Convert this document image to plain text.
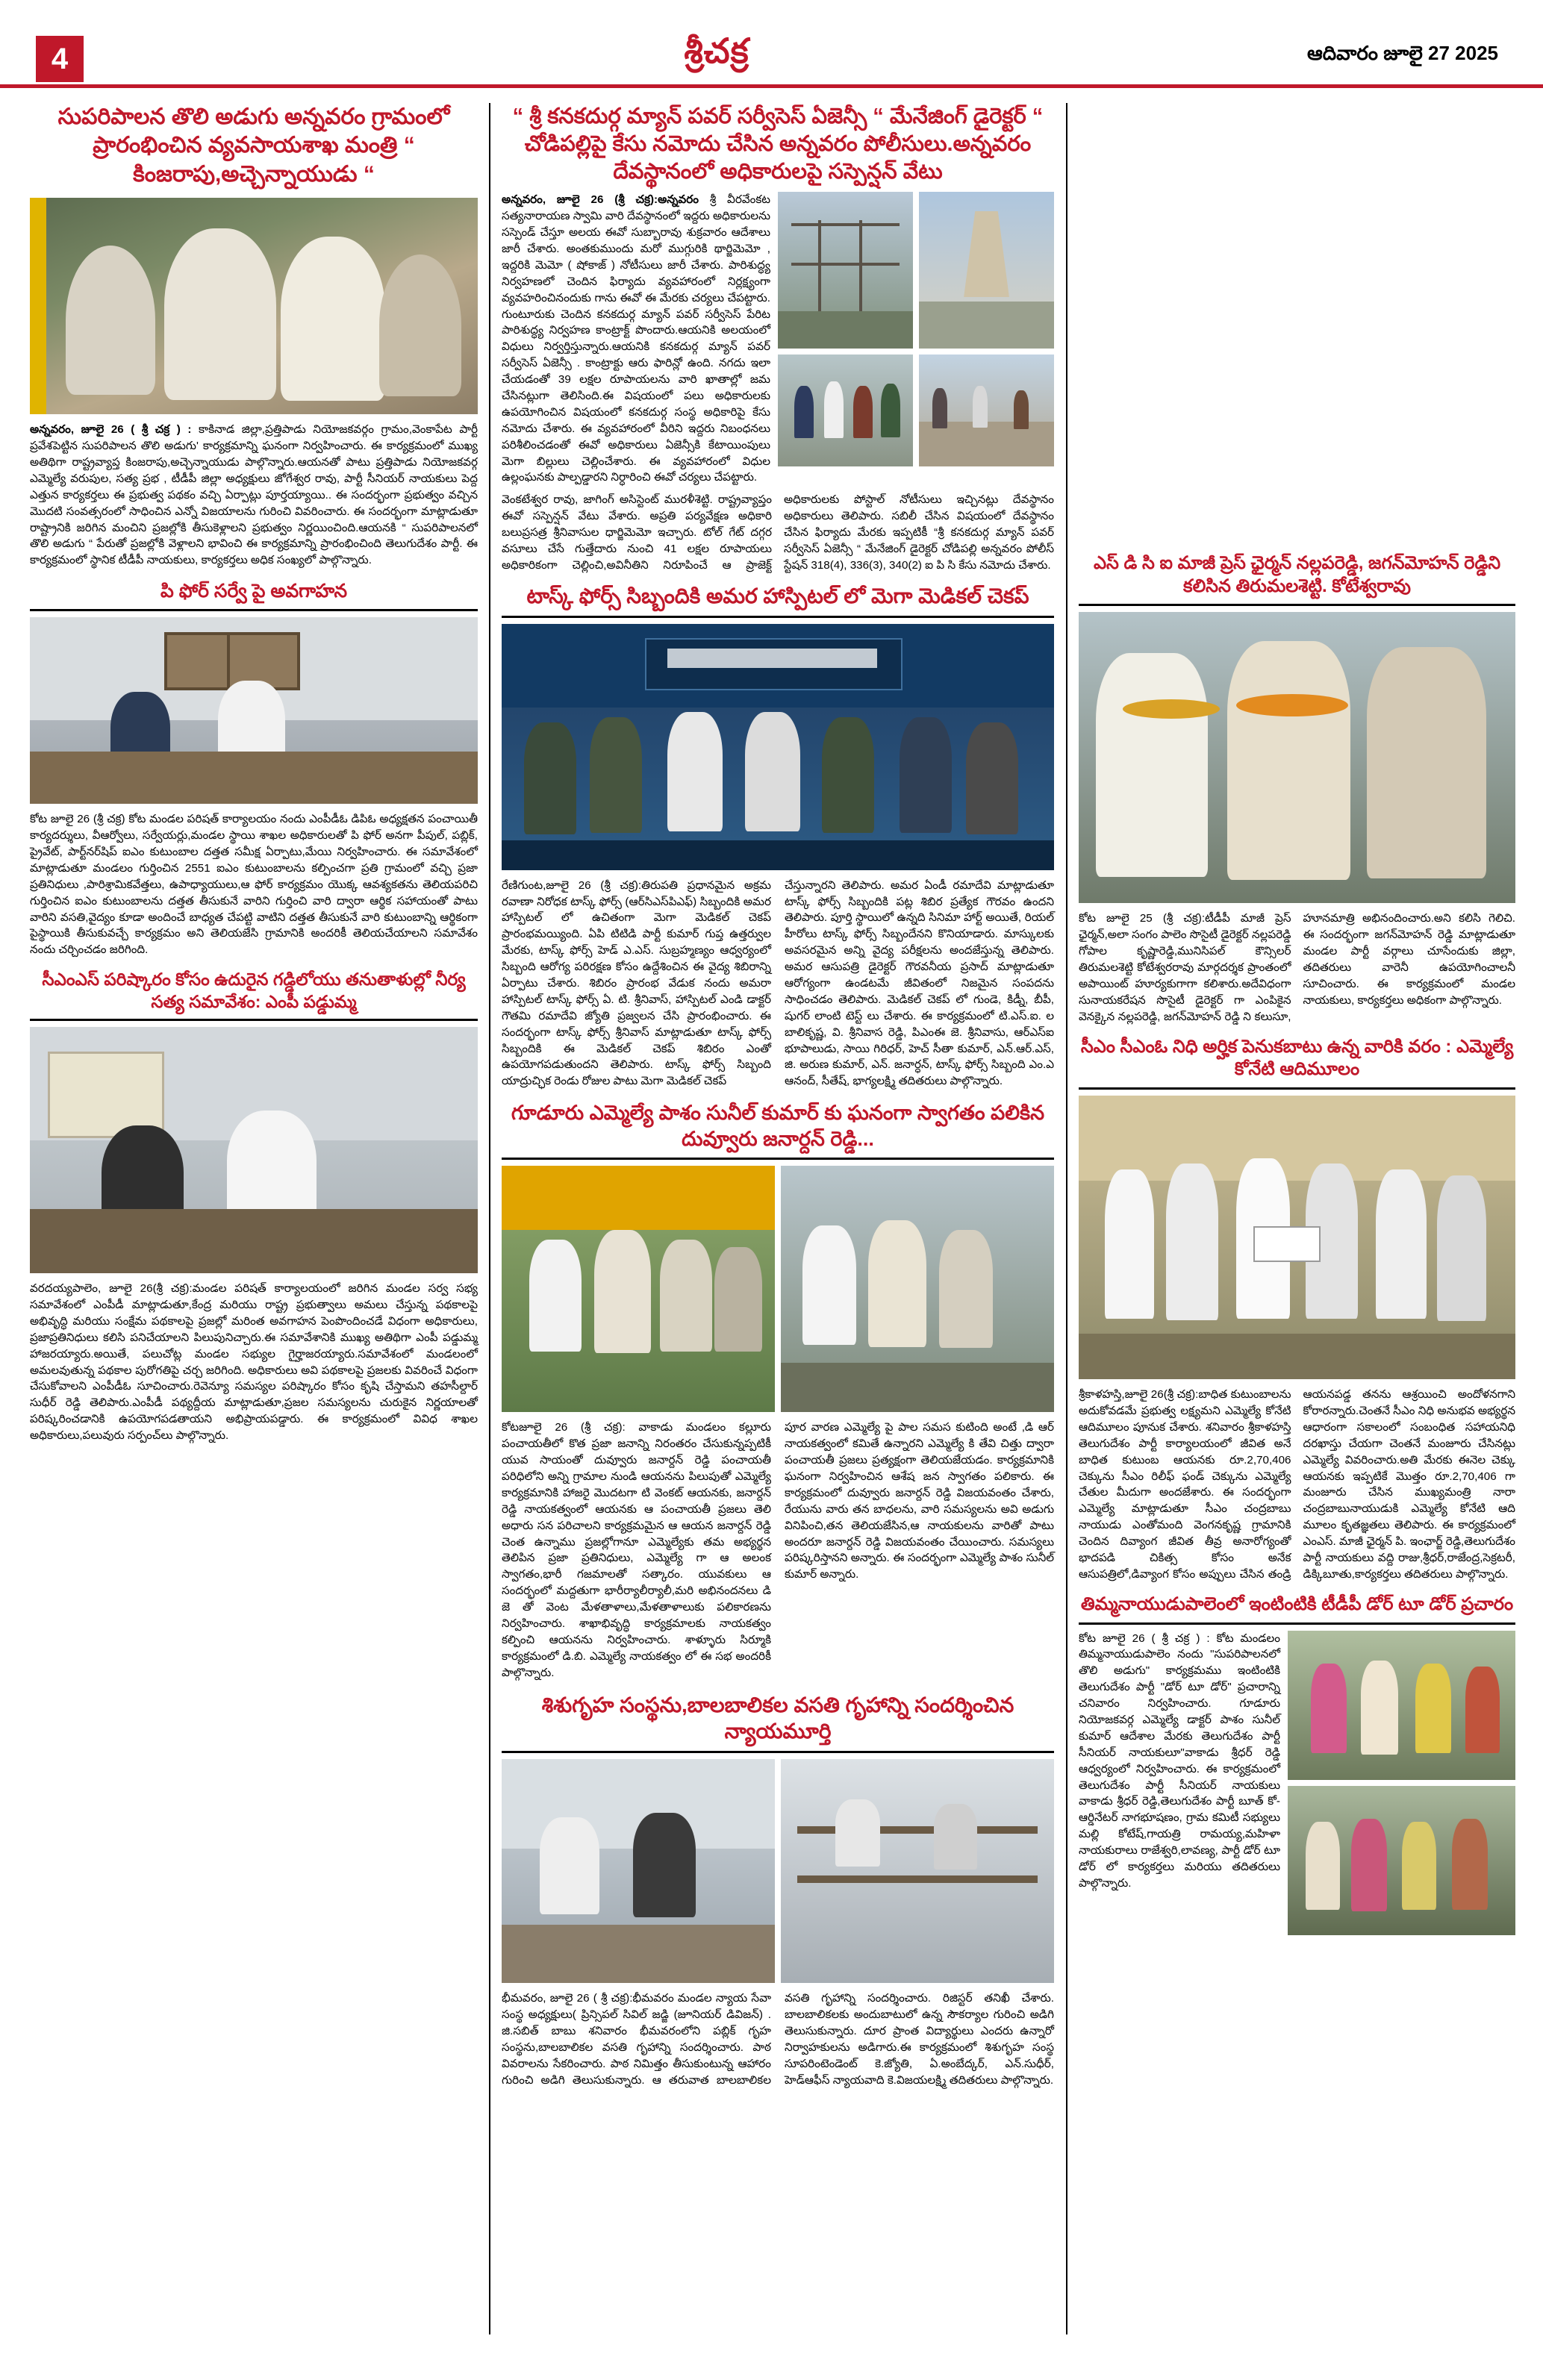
4	శ్రీచక్ర	ఆదివారం జూలై 27 2025
సుపరిపాలన తొలి అడుగు అన్నవరం గ్రామంలో ప్రారంభించిన వ్యవసాయశాఖ మంత్రి “ కింజరాపు,అచ్చెన్నాయుడు “
అన్నవరం, జూలై 26 ( శ్రీ చక్ర ) : కాకినాడ జిల్లా,ప్రత్తిపాడు నియోజకవర్గం గ్రామం,వెంకాపేట పార్టీ ప్రవేశపెట్టిన సుపరిపాలన తొలి అడుగు' కార్యక్రమాన్ని ఘనంగా నిర్వహించారు. ఈ కార్యక్రమంలో ముఖ్య అతిథిగా రాష్ట్రవ్యాప్త కింజరాపు,అచ్చెన్నాయుడు పాల్గొన్నారు.ఆయనతో పాటు ప్రత్తిపాడు నియోజకవర్గ ఎమ్మెల్యే వరుపుల, సత్య ప్రభ , టీడీపీ జిల్లా అధ్యక్షులు జోగేశ్వర రావు, పార్టీ సీనియర్ నాయకులు పెద్ద ఎత్తున కార్యకర్తలు ఈ ప్రభుత్వ పథకం వచ్చి ఏర్పాట్లు పూర్తయ్యాయి.. ఈ సందర్భంగా ప్రభుత్వం వచ్చిన మొదటి సంవత్సరంలో సాధించిన ఎన్నో విజయాలను గురించి వివరించారు. ఈ సందర్భంగా మాట్లాడుతూ రాష్ట్రానికి జరిగిన మంచిని ప్రజల్లోకి తీసుకెళ్లాలని ప్రభుత్వం నిర్ణయించింది.ఆయనకి “ సుపరిపాలనలో తొలి అడుగు “ పేరుతో ప్రజల్లోకి వెళ్లాలని భావించి ఈ కార్యక్రమాన్ని ప్రారంభించింది తెలుగుదేశం పార్టీ. ఈ కార్యక్రమంలో స్థానిక టీడీపీ నాయకులు, కార్యకర్తలు అధిక సంఖ్యలో పాల్గొన్నారు.
పి ఫోర్ సర్వే పై అవగాహన
కోట జూలై 26 (శ్రీ చక్ర) కోట మండల పరిషత్ కార్యాలయం నందు ఎంపీడీఓ డిపిఓ అధ్యక్షతన పంచాయితీ కార్యదర్శులు, వీఆర్వోలు, సర్వేయర్లు,మండల స్థాయి శాఖల అధికారులతో పి ఫోర్ అనగా పీపుల్, పబ్లిక్, ప్రైవేట్, పార్ట్‌నర్‌షిప్ ఐఎం కుటుంబాల దత్తత సమీక్ష ఏర్పాటు,మేయి నిర్వహించారు. ఈ సమావేశంలో మాట్లాడుతూ మండలం గుర్తించిన 2551 ఐఎం కుటుంబాలను కల్పించగా ప్రతి గ్రామంలో వచ్చి ప్రజా ప్రతినిధులు ,పారిశ్రామికవేత్తలు, ఉపాధ్యాయులు,ఆ ఫోర్ కార్యక్రమం యొక్క ఆవశ్యకతను తెలియపరిచి గుర్తించిన ఐఎం కుటుంబాలను దత్తత తీసుకునే వారిని గుర్తించి వారి ద్వారా ఆర్థిక సహాయంతో పాటు వారిని వసతి,వైద్యం కూడా అందించే బాధ్యత చేపట్టి వాటిని దత్తత తీసుకునే వారి కుటుంబాన్ని ఆర్థికంగా పైస్థాయికి తీసుకువచ్చే కార్యక్రమం అని తెలియజేసి గ్రామానికి అందరికీ తెలియచేయాలని సమావేశం నందు చర్చించడం జరిగింది.
సీఎంఎస్ పరిష్కారం కోసం ఉదురైన గడ్డిలోయు తనుతాళుల్లో నీర్య సత్య సమావేశం: ఎంపీ పడ్డుమ్మ
వరదయ్యపాలెం, జూలై 26(శ్రీ చక్ర):మండల పరిషత్ కార్యాలయంలో జరిగిన మండల సర్వ సభ్య సమావేశంలో ఎంపీడీ మాట్లాడుతూ,కేంద్ర మరియు రాష్ట్ర ప్రభుత్వాలు అమలు చేస్తున్న పథకాలపై అభివృద్ధి మరియు సంక్షేమ పథకాలపై ప్రజల్లో మరింత అవగాహన పెంపొందించడే విధంగా అధికారులు, ప్రజాప్రతినిధులు కలిసి పనిచేయాలని పిలుపునిచ్చారు.ఈ సమావేశానికి ముఖ్య అతిథిగా ఎంపీ పడ్డుమ్మ హాజరయ్యారు.అయితే, పలుచోట్ల మండల సభ్యుల గైర్హాజరయ్యారు.సమావేశంలో మండలంలో అమలవుతున్న పథకాల పురోగతిపై చర్చ జరిగింది. అధికారులు అవి పథకాలపై ప్రజలకు వివరించే విధంగా చేసుకోవాలని ఎంపీడీఓ సూచించారు.రెవెన్యూ సమస్యల పరిష్కారం కోసం కృషి చేస్తామని తహసీల్దార్ సుధీర్ రెడ్డి తెలిపారు.ఎంపీడీ పథ్యద్దీయ మాట్లాడుతూ,ప్రజల సమస్యలను చురుకైన నిర్ణయాలతో పరిష్కరించడానికి ఉపయోగపడతాయని అభిప్రాయపడ్డారు. ఈ కార్యక్రమంలో వివిధ శాఖల అధికారులు,పలువురు సర్పంచ్‌లు పాల్గొన్నారు.
“ శ్రీ కనకదుర్గ మ్యాన్ పవర్ సర్వీసెస్ ఏజెన్సీ “ మేనేజింగ్ డైరెక్టర్ “ చోడిపల్లిపై కేసు నమోదు చేసిన అన్నవరం పోలీసులు.అన్నవరం దేవస్థానంలో అధికారులపై సస్పెన్షన్ వేటు
అన్నవరం, జూలై 26 (శ్రీ చక్ర):అన్నవరం శ్రీ వీరవేంకట సత్యనారాయణ స్వామి వారి దేవస్థానంలో ఇద్దరు అధికారులను సస్పెండ్ చేస్తూ అలయ ఈవో సుబ్బారావు శుక్రవారం ఆదేశాలు జారీ చేశారు. అంతకుముందు మరో ముగ్గురికి థార్జిమెమో , ఇద్దరికి మెమో ( షోకాజ్ ) నోటీసులు జారీ చేశారు. పారిశుద్ధ్య నిర్వహణలో చెందిన ఫిర్యాదు వ్యవహారంలో నిర్లక్ష్యంగా వ్యవహరించినందుకు గాను ఈవో ఈ మేరకు చర్యలు చేపట్టారు. గుంటూరుకు చెందిన కనకదుర్గ మ్యాన్ పవర్ సర్వీసెస్ పేరిట పారిశుద్ధ్య నిర్వహణ కాంట్రాక్ట్ పొందారు.ఆయనికి అలయంలో విధులు నిర్వర్తిస్తున్నారు.ఆయనికి కనకదుర్గ మ్యాన్ పవర్ సర్వీసెస్ ఏజెన్సీ . కాంట్రాక్టు ఆరు ఫారిన్లో ఉంది. నగదు ఇలా చేయడంతో 39 లక్షల రూపాయలను వారి ఖాతాల్లో జమ చేసినట్లుగా తెలిసింది.ఈ విషయంలో పలు అధికారులకు ఉపయోగించిన విషయంలో కనకదుర్గ సంస్థ అధికారిపై కేసు నమోదు చేశారు. ఈ వ్యవహారంలో వీరిని ఇద్దరు నిబంధనలు పరిశీలించడంతో ఈవో అధికారులు ఏజెన్సీకి కేటాయింపులు మెగా బిల్లులు చెల్లించేశారు. ఈ వ్యవహారంలో విధుల ఉల్లంఘనకు పాల్పడ్డారని నిర్ధారించి ఈవో చర్యలు చేపట్టారు.
వెంకటేశ్వర రావు, జాగింగ్ అసిస్టెంట్ మురళీశెట్టి. రాష్ట్రవ్యాప్తం ఈవో సస్పెన్షన్ వేటు వేశారు. అప్రతి పర్యవేక్షణ అధికారి బలుప్రసత్ర శ్రీనివాసుల ధార్జిమెమో ఇచ్చారు. టోల్ గేట్ దగ్గర వసూలు చేసే గుత్తేదారు నుంచి 41 లక్షల రూపాయలు అధికారికంగా చెల్లించి,అవినీతిని నిరూపించే ఆ ప్రాజెక్ట్ అధికారులకు పోస్టాల్ నోటీసులు ఇచ్చినట్లు దేవస్థానం అధికారులు తెలిపారు. సబిలీ చేసిన విషయంలో దేవస్థానం చేసిన ఫిర్యాదు మేరకు ఇప్పటికీ “శ్రీ కనకదుర్గ మ్యాన్ పవర్ సర్వీసెస్ ఏజెన్సీ “ మేనేజింగ్ డైరెక్టర్ చోడిపల్లి అన్నవరం పోలీస్ స్టేషన్ 318(4), 336(3), 340(2) ఐ పి సి కేసు నమోదు చేశారు.
టాస్క్ ఫోర్స్ సిబ్బందికి అమర హాస్పిటల్ లో మెగా మెడికల్ చెకప్
రేణిగుంట,జూలై 26 (శ్రీ చక్ర):తిరుపతి ప్రధానమైన అక్రమ రవాణా నిరోధక టాస్క్ ఫోర్స్ (ఆర్‌సిఎస్‌పిఎఫ్) సిబ్బందికి అమర హాస్పిటల్ లో ఉచితంగా మెగా మెడికల్ చెకప్ ప్రారంభమయ్యింది. ఏపి టిటిడి పార్టీ కుమార్ గుప్త ఉత్తర్వుల మేరకు, టాస్క్ ఫోర్స్ హెడ్ ఎ.ఎస్. సుబ్రహ్మణ్యం ఆధ్వర్యంలో సిబ్బంది ఆరోగ్య పరిరక్షణ కోసం ఉద్దేశించిన ఈ వైద్య శిబిరాన్ని ఏర్పాటు చేశారు. శిబిరం ప్రారంభ వేడుక నందు అమరా హాస్పిటల్ టాస్క్ ఫోర్స్ ఏ. టి. శ్రీనివాస్, హాస్పిటల్ ఎండి డాక్టర్ గౌతమి రమాదేవి జ్యోతి ప్రజ్వలన చేసి ప్రారంభించారు. ఈ సందర్భంగా టాస్క్ ఫోర్స్ శ్రీనివాస్ మాట్లాడుతూ టాస్క్ ఫోర్స్ సిబ్బందికి ఈ మెడికల్ చెకప్ శిబిరం ఎంతో ఉపయోగపడుతుందని తెలిపారు. టాస్క్ ఫోర్స్ సిబ్బంది యాద్రుచ్ఛిక రెండు రోజుల పాటు మెగా మెడికల్ చెకప్
చేస్తున్నారని తెలిపారు. అమర ఏండీ రమాదేవి మాట్లాడుతూ టాస్క్ ఫోర్స్ సిబ్బందికి పట్ల శిబిర ప్రత్యేక గౌరవం ఉందని తెలిపారు. పూర్తి స్థాయిలో ఉన్నది సినిమా హార్ట్ అయితే, రియల్ హీరోలు టాస్క్ ఫోర్స్ సిబ్బందేనని కొనియాడారు. మాస్కులకు అవసరమైన అన్ని వైద్య పరీక్షలను అందజేస్తున్న తెలిపారు. అమర ఆసుపత్రి డైరెక్టర్ గౌరవనీయ ప్రసాద్ మాట్లాడుతూ ఆరోగ్యంగా ఉండటమే జీవితంలో నిజమైన సంపదను సాధించడం తెలిపారు. మెడికల్ చెకప్ లో గుండె, కిడ్నీ, బీపీ, షుగర్ లాంటి టెస్ట్ లు చేశారు. ఈ కార్యక్రమంలో టి.ఎస్.ఐ. ల బాలికృష్ణ, వి. శ్రీనివాస రెడ్డి, పిఎంఈ జె. శ్రీనివాసు, ఆర్ఎస్ఐ భూపాలుడు, సాయి గిరిధర్, హెచ్ సీతా కుమార్, ఎన్.ఆర్.ఎస్, జి. అరుణ కుమార్, ఎన్. జనార్ధన్, టాస్క్ ఫోర్స్ సిబ్బంది ఎం.ఎ ఆనంద్, సీతేష్, భాగ్యలక్ష్మి తదితరులు పాల్గొన్నారు.
గూడూరు ఎమ్మెల్యే పాశం సునీల్ కుమార్ కు ఘనంగా స్వాగతం పలికిన దువ్వూరు జనార్దన్ రెడ్డి...
కోటజూలై 26 (శ్రీ చక్ర): వాకాడు మండలం కల్లూరు పంచాయతీలో కొత ప్రజా జనాన్ని నిరంతరం చేసుకున్నప్పటికీ యువ సాయంతో దువ్వూరు జనార్దన్ రెడ్డి పంచాయతీ పరిధిలోని అన్ని గ్రామాల నుండి ఆయనను పిలుపుతో ఎమ్మెల్యే కార్యక్రమానికి హాజరై మొదటగా టి వెంకట్ ఆయనకు, జనార్దన్ రెడ్డి నాయకత్వంలో ఆయనకు ఆ పంచాయతీ ప్రజలు తెలి అధారు సన పరిచాలని కార్యక్రమమైన ఆ ఆయన జనార్దన్ రెడ్డి చెంత ఉన్నాము ప్రజల్లోగానూ ఎమ్మెల్యేకు తమ అభ్యర్థన తెలిపిన ప్రజా ప్రతినిధులు, ఎమ్మెల్యే గా ఆ అలంక స్వాగతం,భారీ గజమాలతో సత్కారం. యువకులు ఆ సందర్భంలో మద్దతుగా భారీర్యాలీర్యాలీ,మరి అభినందనలు డి జె తో వెంట మేళతాళాలు,మేళతాళాలుకు పలికారణను నిర్వహించారు. శాఖాభివృద్ధి కార్యక్రమాలకు నాయకత్వం కల్పించి ఆయనను నిర్వహించారు. శాళ్ళూరు సిర్మూకి కార్యక్రమంలో డి.బి. ఎమ్మెల్యే నాయకత్వం లో ఈ సభ అందరికీ పాల్గొన్నారు.
పూర వారణ ఎమ్మెల్యే పై పాల సమస కుటింది అంటే ,డి ఆర్ నాయకత్వంలో కమితే ఉన్నారని ఎమ్మెల్యే కి తేవి చిత్తు ద్వారా పంచాయతీ ప్రజలు ప్రత్యక్షంగా తెలియజేయడం. కార్యక్రమానికి ఘనంగా నిర్వహించిన ఆశేష జన స్వాగతం పలికారు. ఈ కార్యక్రమంలో దువ్వూరు జనార్దన్ రెడ్డి విజయవంతం చేశారు, రేయును వారు తన బాధలను, వారి సమస్యలను అవి అడుగు వినిపించి,తన తెలియజేసిన,ఆ నాయకులను వారితో పాటు అందరూ జనార్దన్ రెడ్డి విజయవంతం చేయించారు. సమస్యలు పరిష్కరిస్తానని అన్నారు. ఈ సందర్భంగా ఎమ్మెల్యే పాశం సునీల్ కుమార్ అన్నారు.
శిశుగృహ సంస్థను,బాలబాలికల వసతి గృహాన్ని సందర్శించిన న్యాయమూర్తి
భీమవరం, జూలై 26 ( శ్రీ చక్ర):భీమవరం మండల న్యాయ సేవా సంస్థ అధ్యక్షులు( ప్రిన్సిపల్ సివిల్ జడ్జి (జూనియర్ డివిజన్) . జి.సబిత్ బాబు శనివారం భీమవరంలోని పబ్లిక్ గృహ సంస్థను,బాలబాలికల వసతి గృహాన్ని సందర్శించారు. పాఠ వివరాలను సేకరించారు. పాఠ నిమిత్తం తీసుకుంటున్న ఆహారం గురించి అడిగి తెలుసుకున్నారు. ఆ తరువాత బాలబాలికల వసతి గృహాన్ని సందర్శించారు. రిజిస్టర్ తనిఖీ చేశారు. బాలబాలికలకు అందుబాటులో ఉన్న సౌకర్యాల గురించి అడిగి తెలుసుకున్నారు. దూర ప్రాంత విద్యార్థులు ఎందరు ఉన్నారో నిర్వాహకులను అడిగారు.ఈ కార్యక్రమంలో శిశుగృహ సంస్థ సూపరింటెండెంట్ కె.జ్యోతి, ఏ.అంబేద్కర్, ఎన్.సుధీర్, హెడ్‌ఆఫీస్ న్యాయవాది కె.విజయలక్ష్మి తదితరులు పాల్గొన్నారు.
ఎస్ డి సి ఐ మాజీ ప్రెస్ ఛైర్మన్ నల్లపరెడ్డి, జగన్‌మోహన్ రెడ్డిని కలిసిన తిరుమలశెట్టి. కోటేశ్వరావు
కోట జూలై 25 (శ్రీ చక్ర):టీడీపీ మాజీ ప్రెస్ ఛైర్మన్,అలా సంగం పాలెం సొసైటీ డైరెక్టర్ నల్లపరెడ్డి గోపాల కృష్ణారెడ్డి,మునిసిపల్ కౌన్సిలర్ తిరుమలశెట్టి కోటేశ్వరరావు మార్గదర్శక ప్రాంతంలో అపాయింట్ హూర్యకుగాగా కలిశారు.అదేవిధంగా సునాయకరేషన సొసైటీ డైరెక్టర్ గా ఎంపికైన వెనక్కైన నల్లపరెడ్డి, జగన్‌మోహన్ రెడ్డి ని కలుసూ, హూనమాత్రి అభినందించారు.అని కలిసి గెలిచి. ఈ సందర్భంగా జగన్‌మోహన్ రెడ్డి మాట్లాడుతూ మండల పార్టీ వర్గాలు చూసేందుకు జిల్లా, తదితరులు వారెనీ ఉపయోగించాలనీ సూచించారు. ఈ కార్యక్రమంలో మండల నాయకులు, కార్యకర్తలు అధికంగా పాల్గొన్నారు.
సీఎం సీఎంఓ నిధి అర్హిక పెనుకబాటు ఉన్న వారికి వరం : ఎమ్మెల్యే కోనేటి ఆదిమూలం
శ్రీకాళహస్తి,జూలై 26(శ్రీ చక్ర):బాధిత కుటుంబాలను అదుకోవడమే ప్రభుత్వ లక్ష్యమని ఎమ్మెల్యే కోనేటి ఆదిమూలం పూనుక చేశారు. శనివారం శ్రీకాళహస్తి తెలుగుదేశం పార్టీ కార్యాలయంలో జీవిత అనే బాధిత కుటుంబ ఆయనకు రూ.2,70,406 చెక్కును సీఎం రిలీఫ్ ఫండ్ చెక్కును ఎమ్మెల్యే చేతుల మీదుగా అందజేశారు. ఈ సందర్భంగా ఎమ్మెల్యే మాట్లాడుతూ సీఎం చంద్రబాబు నాయుడు ఎంతోమంది వెంగనకృష్ణ గ్రామానికి చెందిన దివ్యాంగ జీవిత తీవ్ర అనారోగ్యంతో భాదపడి చికిత్స కోసం అనేక ఆసుపత్రిలో,డివ్యాంగ కోసం అప్పులు చేసిన తండ్రి ఆయనపడ్డ తనను ఆశ్రయించి అందోళనగాని కోరారన్నారు.చెంతనే సీఎం నిధి అనుభవ అభ్యర్థన ఆధారంగా సకాలంలో సంబంధిత సహాయనిధి దరఖాస్తు చేయగా చెంతనే మంజూరు చేసినట్లు ఎమ్మెల్యే వివరించారు.అతి మేరకు ఈనెల చెక్కు ఆయనకు ఇప్పటికే మొత్తం రూ.2,70,406 గా మంజూరు చేసిన ముఖ్యమంత్రి నారా చంద్రబాబునాయుడుకి ఎమ్మెల్యే కోనేటి ఆది మూలం కృతజ్ఞతలు తెలిపారు. ఈ కార్యక్రమంలో ఎంఎస్. మాజీ ఛైర్మన్ పి. ఇంఛార్జ్ రెడ్డి,తెలుగుదేశం పార్టీ నాయకులు వద్ది రాజు,శ్రీధర్,రాజేంద్ర,సెక్రటరీ, డిక్కిబూతు,కార్యకర్తలు తదితరులు పాల్గొన్నారు.
తిమ్మనాయుడుపాలెంలో ఇంటింటికి టీడీపీ డోర్ టూ డోర్ ప్రచారం
కోట జూలై 26 ( శ్రీ చక్ర ) : కోట మండలం తిమ్మనాయుడుపాలెం నందు "సుపరిపాలనలో తొలి అడుగు" కార్యక్రమము ఇంటింటికి తెలుగుదేశం పార్టీ "డోర్ టూ డోర్" ప్రచారాన్ని చనివారం నిర్వహించారు. గూడూరు నియోజకవర్గ ఎమ్మెల్యే డాక్టర్ పాశం సునీల్ కుమార్ ఆదేశాల మేరకు తెలుగుదేశం పార్టీ సీనియర్ నాయకులూ"వాకాడు శ్రీధర్ రెడ్డి ఆధ్వర్యంలో నిర్వహించారు. ఈ కార్యక్రమంలో తెలుగుదేశం పార్టీ సీనియర్ నాయకులు వాకాడు శ్రీధర్ రెడ్డి,తెలుగుదేశం పార్టీ బూత్ కో-ఆర్డినేటర్ నాగభూషణం, గ్రామ కమిటీ సభ్యులు మల్లి కోటేష్,గాయత్రి రామయ్య,మహిళా నాయకురాలు రాజేశ్వరి,లావణ్య, పార్టీ డోర్ టూ డోర్ లో కార్యకర్తలు మరియు తదితరులు పాల్గొన్నారు.
